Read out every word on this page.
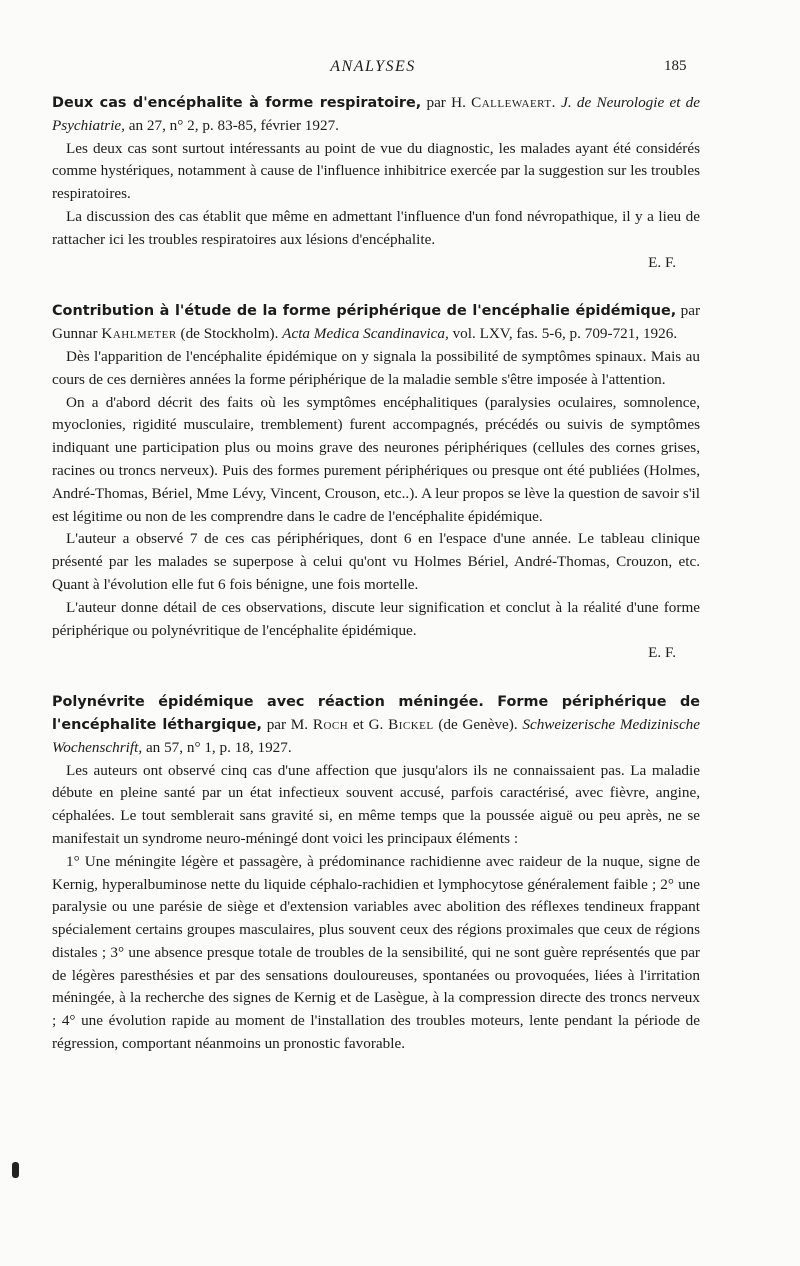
ANALYSES	185

Deux cas d'encéphalite à forme respiratoire, par H. Callewaert. J. de Neurologie et de Psychiatrie, an 27, n° 2, p. 83-85, février 1927.

Les deux cas sont surtout intéressants au point de vue du diagnostic, les malades ayant été considérés comme hystériques, notamment à cause de l'influence inhibitrice exercée par la suggestion sur les troubles respiratoires.

La discussion des cas établit que même en admettant l'influence d'un fond névropathique, il y a lieu de rattacher ici les troubles respiratoires aux lésions d'encéphalite.

E. F.

Contribution à l'étude de la forme périphérique de l'encéphalie épidémique, par Gunnar Kahlmeter (de Stockholm). Acta Medica Scandinavica, vol. LXV, fas. 5-6, p. 709-721, 1926.

Dès l'apparition de l'encéphalite épidémique on y signala la possibilité de symptômes spinaux. Mais au cours de ces dernières années la forme périphérique de la maladie semble s'être imposée à l'attention.

On a d'abord décrit des faits où les symptômes encéphalitiques (paralysies oculaires, somnolence, myoclonies, rigidité musculaire, tremblement) furent accompagnés, précédés ou suivis de symptômes indiquant une participation plus ou moins grave des neurones périphériques (cellules des cornes grises, racines ou troncs nerveux). Puis des formes purement périphériques ou presque ont été publiées (Holmes, André-Thomas, Bériel, Mme Lévy, Vincent, Crouson, etc..). A leur propos se lève la question de savoir s'il est légitime ou non de les comprendre dans le cadre de l'encéphalite épidémique.

L'auteur a observé 7 de ces cas périphériques, dont 6 en l'espace d'une année. Le tableau clinique présenté par les malades se superpose à celui qu'ont vu Holmes Bériel, André-Thomas, Crouzon, etc. Quant à l'évolution elle fut 6 fois bénigne, une fois mortelle.

L'auteur donne détail de ces observations, discute leur signification et conclut à la réalité d'une forme périphérique ou polynévritique de l'encéphalite épidémique.

E. F.

Polynévrite épidémique avec réaction méningée. Forme périphérique de l'encéphalite léthargique, par M. Roch et G. Bickel (de Genève). Schweizerische Medizinische Wochenschrift, an 57, n° 1, p. 18, 1927.

Les auteurs ont observé cinq cas d'une affection que jusqu'alors ils ne connaissaient pas. La maladie débute en pleine santé par un état infectieux souvent accusé, parfois caractérisé, avec fièvre, angine, céphalées. Le tout semblerait sans gravité si, en même temps que la poussée aiguë ou peu après, ne se manifestait un syndrome neuro-méningé dont voici les principaux éléments :

1° Une méningite légère et passagère, à prédominance rachidienne avec raideur de la nuque, signe de Kernig, hyperalbuminose nette du liquide céphalo-rachidien et lymphocytose généralement faible ; 2° une paralysie ou une parésie de siège et d'extension variables avec abolition des réflexes tendineux frappant spécialement certains groupes masculaires, plus souvent ceux des régions proximales que ceux de régions distales ; 3° une absence presque totale de troubles de la sensibilité, qui ne sont guère représentés que par de légères paresthésies et par des sensations douloureuses, spontanées ou provoquées, liées à l'irritation méningée, à la recherche des signes de Kernig et de Lasègue, à la compression directe des troncs nerveux ; 4° une évolution rapide au moment de l'installation des troubles moteurs, lente pendant la période de régression, comportant néanmoins un pronostic favorable.
